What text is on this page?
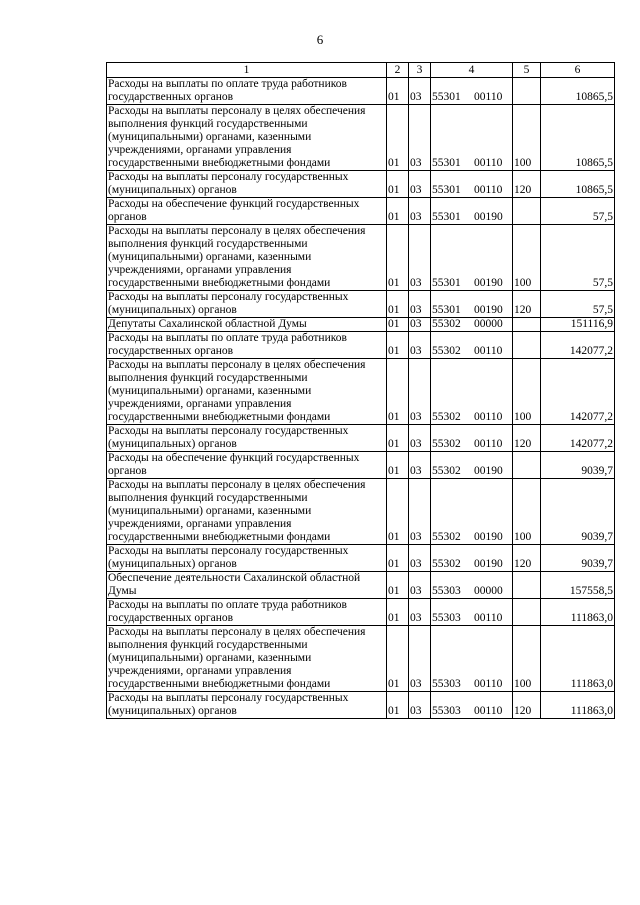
6
1	2	3	4	5	6
Расходы на выплаты по оплате труда работников государственных органов	01	03	55301 00110		10865,5
Расходы на выплаты персоналу в целях обеспечения выполнения функций государственными (муниципальными) органами, казенными учреждениями, органами управления государственными внебюджетными фондами	01	03	55301 00110	100	10865,5
Расходы на выплаты персоналу государственных (муниципальных) органов	01	03	55301 00110	120	10865,5
Расходы на обеспечение функций государственных органов	01	03	55301 00190		57,5
Расходы на выплаты персоналу в целях обеспечения выполнения функций государственными (муниципальными) органами, казенными учреждениями, органами управления государственными внебюджетными фондами	01	03	55301 00190	100	57,5
Расходы на выплаты персоналу государственных (муниципальных) органов	01	03	55301 00190	120	57,5
Депутаты Сахалинской областной Думы	01	03	55302 00000		151116,9
Расходы на выплаты по оплате труда работников государственных органов	01	03	55302 00110		142077,2
Расходы на выплаты персоналу в целях обеспечения выполнения функций государственными (муниципальными) органами, казенными учреждениями, органами управления государственными внебюджетными фондами	01	03	55302 00110	100	142077,2
Расходы на выплаты персоналу государственных (муниципальных) органов	01	03	55302 00110	120	142077,2
Расходы на обеспечение функций государственных органов	01	03	55302 00190		9039,7
Расходы на выплаты персоналу в целях обеспечения выполнения функций государственными (муниципальными) органами, казенными учреждениями, органами управления государственными внебюджетными фондами	01	03	55302 00190	100	9039,7
Расходы на выплаты персоналу государственных (муниципальных) органов	01	03	55302 00190	120	9039,7
Обеспечение деятельности Сахалинской областной Думы	01	03	55303 00000		157558,5
Расходы на выплаты по оплате труда работников государственных органов	01	03	55303 00110		111863,0
Расходы на выплаты персоналу в целях обеспечения выполнения функций государственными (муниципальными) органами, казенными учреждениями, органами управления государственными внебюджетными фондами	01	03	55303 00110	100	111863,0
Расходы на выплаты персоналу государственных (муниципальных) органов	01	03	55303 00110	120	111863,0
